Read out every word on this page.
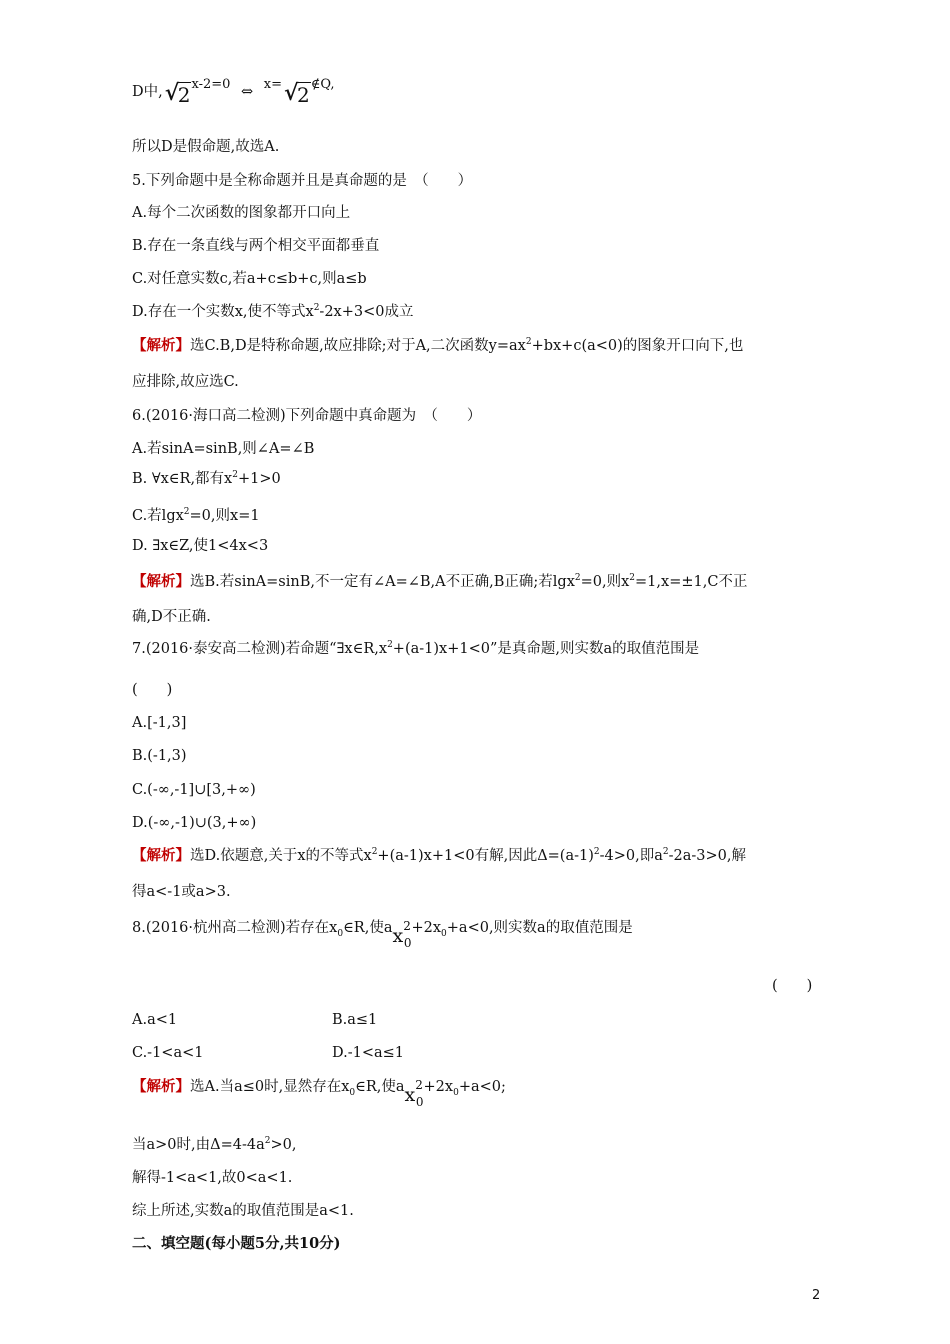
D中, √
$2^{x-2=0}$ ⇔ $^{x=}$ √
$2^{\notin Q,}$
所以D是假命题,故选A.
5.下列命题中是全称命题并且是真命题的是　（　　）
A.每个二次函数的图象都开口向上
B.存在一条直线与两个相交平面都垂直
C.对任意实数c,若a+c≤b+c,则a≤b
D.存在一个实数x,使不等式$x^2-2x+3<0$成立
【解析】选C.B,D是特称命题,故应排除;对于A,二次函数$y=ax^2+bx+c(a<0)$的图象开口向下,也
应排除,故应选C.
6.(2016·海口高二检测)下列命题中真命题为　（　　）
A.若sinA=sinB,则∠A=∠B
B. ∀x∈R,都有$x^2+1>0$
C.若lgx$^2$=0,则x=1
D. ∃x∈Z,使1<4x<3
【解析】选B.若sinA=sinB,不一定有∠A=∠B,A不正确,B正确;若lgx$^2$=0,则$x^2=1,x=\pm 1,C$不正
确,D不正确.
7.(2016·泰安高二检测)若命题“$\exists x\in R,x^2+(a-1)x+1<0$”是真命题,则实数a的取值范围是
(　　)
A.[-1,3]
B.(-1,3)
C.(-∞,-1]∪[3,+∞)
D.(-∞,-1)∪(3,+∞)
【解析】选D.依题意,关于x的不等式$x^2+(a-1)x+1<0$有解,因此$\Delta=(a-1)^2-4>0$,即$a^2-2a-3>0$,解
得a<-1或a>3.
8.(2016·杭州高二检测)若存在$x_0\in R$,使$ax^2_0+2x_0+a<0$,则实数a的取值范围是
(　　)
A.a<1	B.a≤1
C.-1<a<1	D.-1<a≤1
【解析】选A.当a≤0时,显然存在$x_0\in R$,使$ax^2_0+2x_0+a<0$;
当a>0时,由$\Delta=4-4a^2>0$,
解得-1<a<1,故0<a<1.
综上所述,实数a的取值范围是a<1.
二、填空题(每小题5分,共10分)
2
